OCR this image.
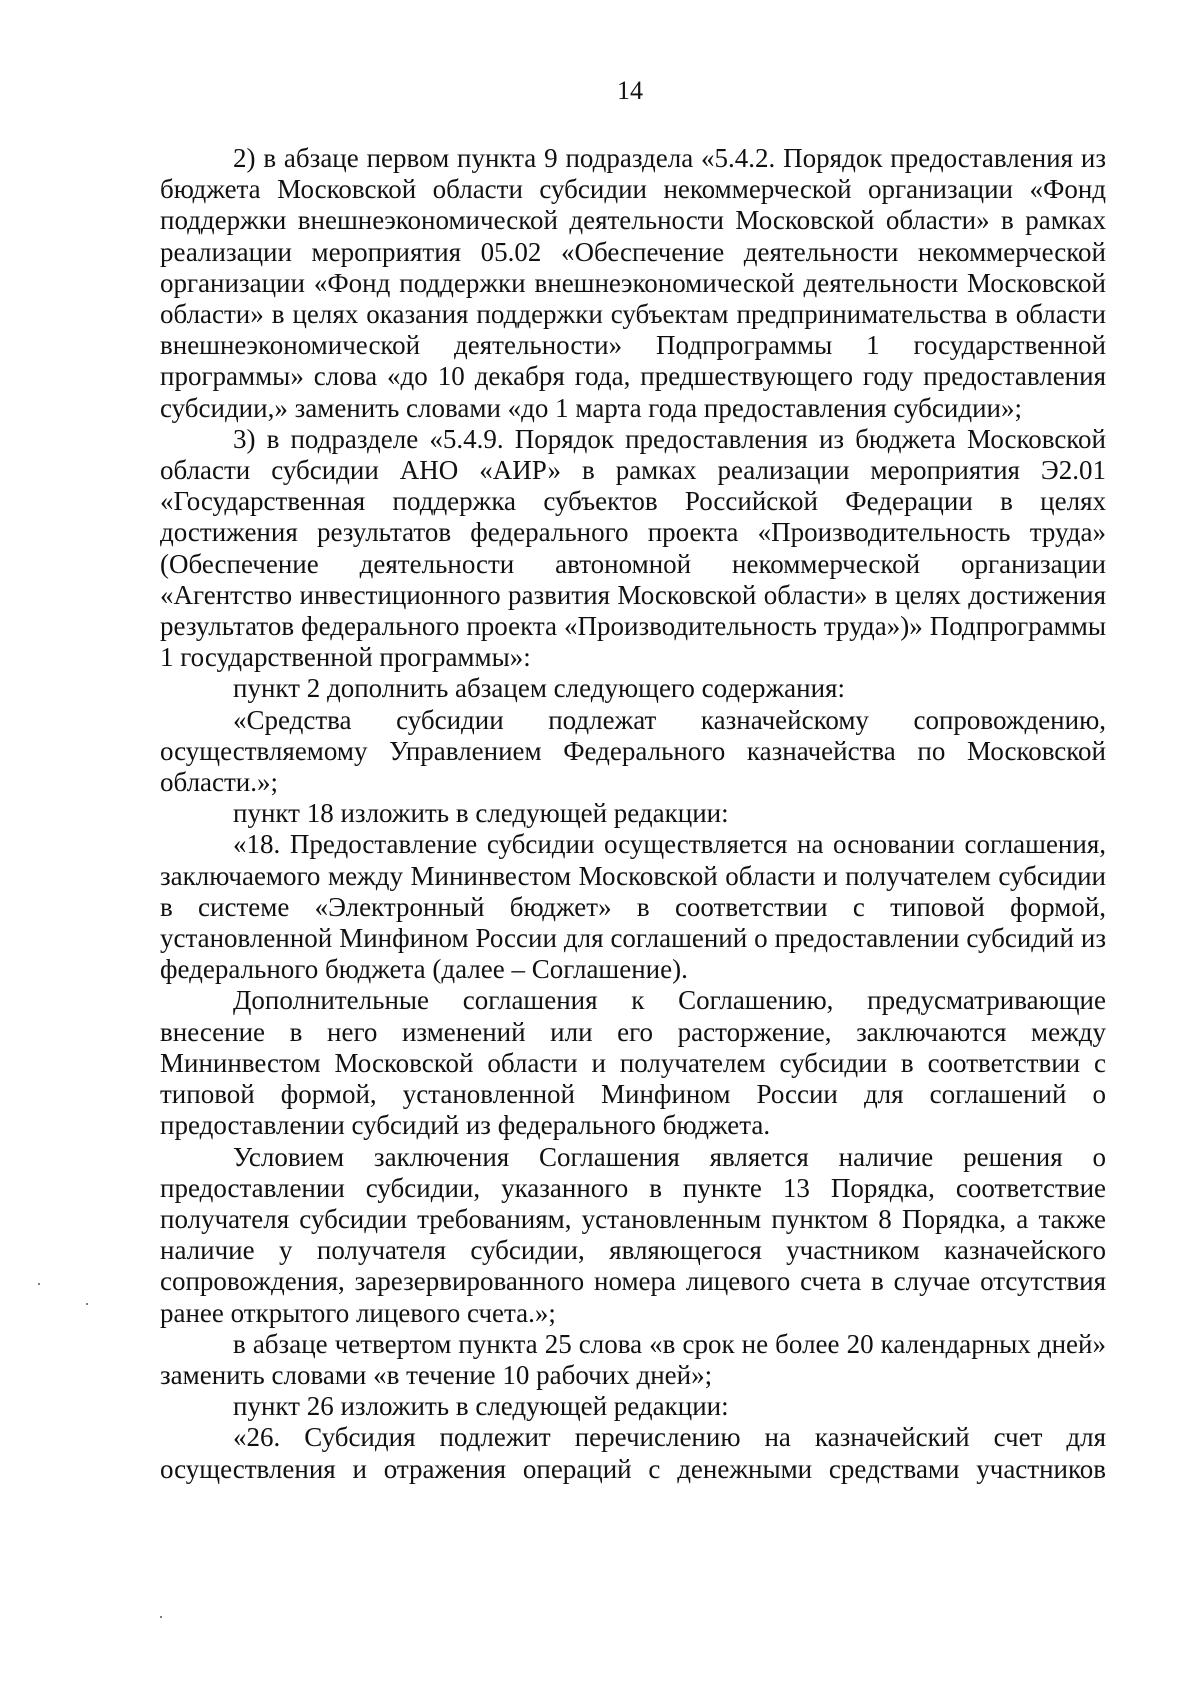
14

2) в абзаце первом пункта 9 подраздела «5.4.2. Порядок предоставления из бюджета Московской области субсидии некоммерческой организации «Фонд поддержки внешнеэкономической деятельности Московской области» в рамках реализации мероприятия 05.02 «Обеспечение деятельности некоммерческой организации «Фонд поддержки внешнеэкономической деятельности Московской области» в целях оказания поддержки субъектам предпринимательства в области внешнеэкономической деятельности» Подпрограммы 1 государственной программы» слова «до 10 декабря года, предшествующего году предоставления субсидии,» заменить словами «до 1 марта года предоставления субсидии»;

3) в подразделе «5.4.9. Порядок предоставления из бюджета Московской области субсидии АНО «АИР» в рамках реализации мероприятия Э2.01 «Государственная поддержка субъектов Российской Федерации в целях достижения результатов федерального проекта «Производительность труда» (Обеспечение деятельности автономной некоммерческой организации «Агентство инвестиционного развития Московской области» в целях достижения результатов федерального проекта «Производительность труда»)» Подпрограммы 1 государственной программы»:

пункт 2 дополнить абзацем следующего содержания:

«Средства субсидии подлежат казначейскому сопровождению, осуществляемому Управлением Федерального казначейства по Московской области.»;

пункт 18 изложить в следующей редакции:

«18. Предоставление субсидии осуществляется на основании соглашения, заключаемого между Мининвестом Московской области и получателем субсидии в системе «Электронный бюджет» в соответствии с типовой формой, установленной Минфином России для соглашений о предоставлении субсидий из федерального бюджета (далее – Соглашение).

Дополнительные соглашения к Соглашению, предусматривающие внесение в него изменений или его расторжение, заключаются между Мининвестом Московской области и получателем субсидии в соответствии с типовой формой, установленной Минфином России для соглашений о предоставлении субсидий из федерального бюджета.

Условием заключения Соглашения является наличие решения о предоставлении субсидии, указанного в пункте 13 Порядка, соответствие получателя субсидии требованиям, установленным пунктом 8 Порядка, а также наличие у получателя субсидии, являющегося участником казначейского сопровождения, зарезервированного номера лицевого счета в случае отсутствия ранее открытого лицевого счета.»;

в абзаце четвертом пункта 25 слова «в срок не более 20 календарных дней» заменить словами «в течение 10 рабочих дней»;

пункт 26 изложить в следующей редакции:

«26. Субсидия подлежит перечислению на казначейский счет для осуществления и отражения операций с денежными средствами участников
